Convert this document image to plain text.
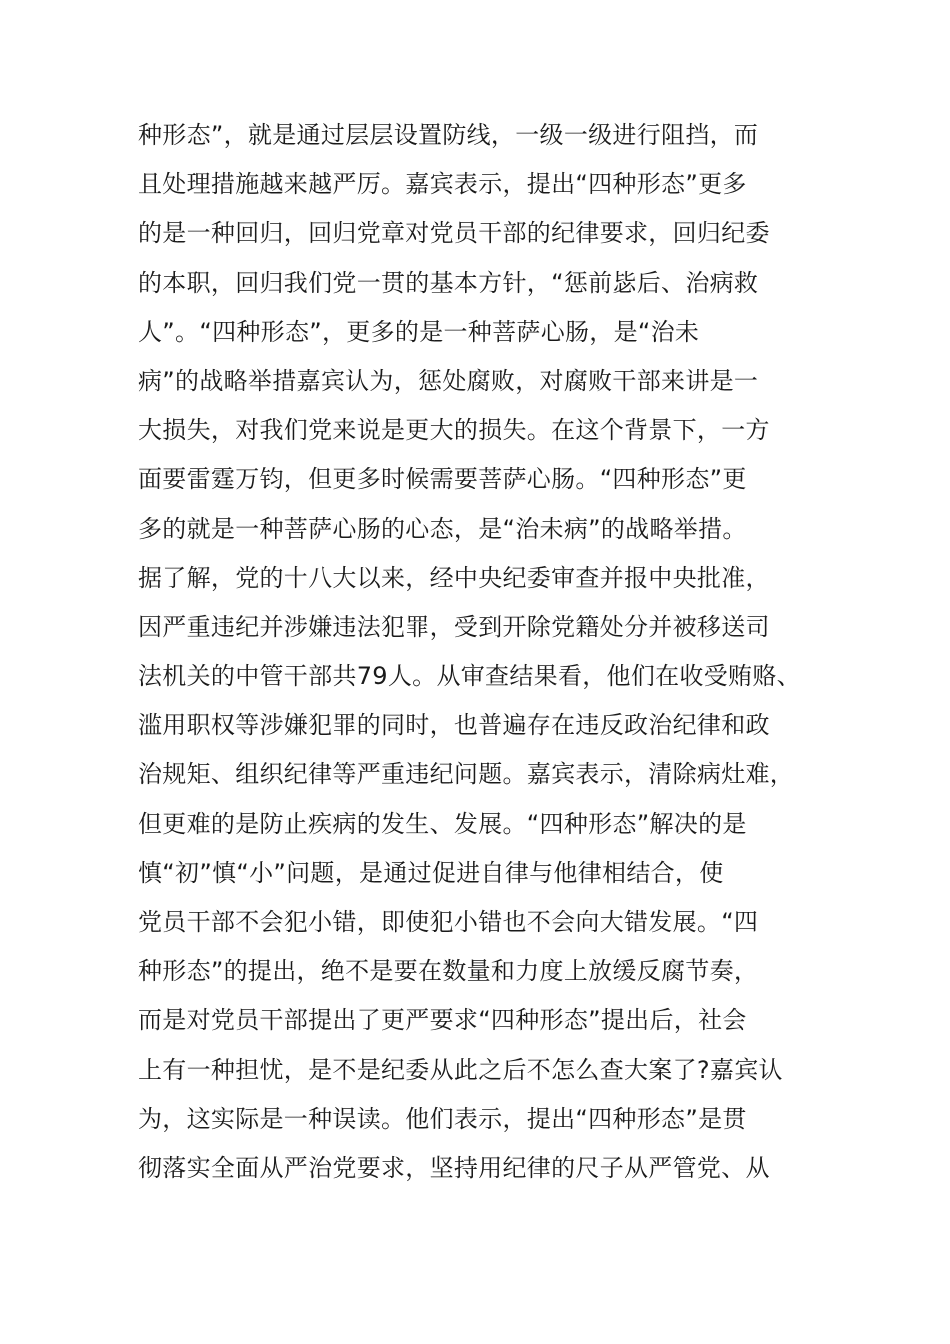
种形态”，就是通过层层设置防线，一级一级进行阻挡，而
且处理措施越来越严厉。嘉宾表示，提出“四种形态”更多
的是一种回归，回归党章对党员干部的纪律要求，回归纪委
的本职，回归我们党一贯的基本方针，“惩前毖后、治病救
人”。“四种形态”，更多的是一种菩萨心肠，是“治未
病”的战略举措嘉宾认为，惩处腐败，对腐败干部来讲是一
大损失，对我们党来说是更大的损失。在这个背景下，一方
面要雷霆万钧，但更多时候需要菩萨心肠。“四种形态”更
多的就是一种菩萨心肠的心态，是“治未病”的战略举措。
据了解，党的十八大以来，经中央纪委审查并报中央批准，
因严重违纪并涉嫌违法犯罪，受到开除党籍处分并被移送司
法机关的中管干部共79人。从审查结果看，他们在收受贿赂、
滥用职权等涉嫌犯罪的同时，也普遍存在违反政治纪律和政
治规矩、组织纪律等严重违纪问题。嘉宾表示，清除病灶难，
但更难的是防止疾病的发生、发展。“四种形态”解决的是
慎“初”慎“小”问题，是通过促进自律与他律相结合，使
党员干部不会犯小错，即使犯小错也不会向大错发展。“四
种形态”的提出，绝不是要在数量和力度上放缓反腐节奏，
而是对党员干部提出了更严要求“四种形态”提出后，社会
上有一种担忧，是不是纪委从此之后不怎么查大案了?嘉宾认
为，这实际是一种误读。他们表示，提出“四种形态”是贯
彻落实全面从严治党要求，坚持用纪律的尺子从严管党、从
